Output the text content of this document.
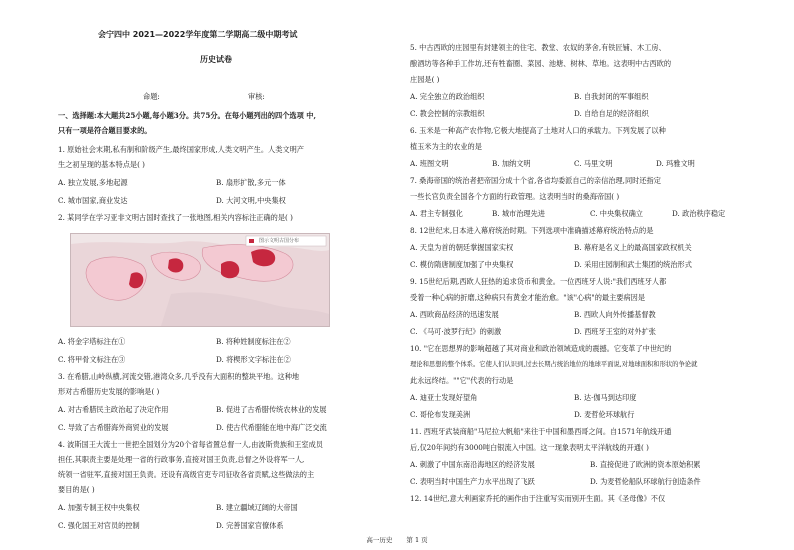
会宁四中 2021—2022学年度第二学期高二级中期考试
历史试卷
命题:	审核:
一、选择题:本大题共25小题,每小题3分。共75分。在每小题列出的四个选项 中,
只有一项是符合题目要求的。
1. 原始社会末期,私有制和阶级产生,最终国家形成,人类文明产生。人类文明产
生之初呈现的基本特点是( )
A. 独立发展,多地起源	B. 扇形扩散,多元一体
C. 城市国家,商业发达	D. 大河文明,中央集权
2. 某同学在学习亚非文明古国时查找了一张地图,相关内容标注正确的是( )
图示文明古国分布
A. 将金字塔标注在①	B. 将种姓制度标注在②
C. 将甲骨文标注在③	D. 将楔形文字标注在②
3. 在希腊,山岭纵横,河流交错,港湾众多,几乎没有大面积的整块平地。这种地
形对古希腊历史发展的影响是( )
A. 对古希腊民主政治起了决定作用	B. 促进了古希腊传统农林业的发展
C. 导致了古希腊海外商贸业的发展	D. 使古代希腊能在地中海广泛交流
4. 波斯国王大流士一世把全国划分为20个省每省置总督一人,由波斯贵族和王室成员
担任,其职责主要是处理一省的行政事务,直接对国王负责,总督之外设将军一人,
统领一省驻军,直接对国王负责。还设有高级官吏专司征收各省贡赋,这些做法的主
要目的是( )
A. 加强专制王权中央集权	B. 建立疆域辽阔的大帝国
C. 强化国王对官员的控制	D. 完善国家官僚体系
5. 中古西欧的庄园里有封建领主的住宅、教堂、农奴的茅舍,有铁匠铺、木工房、
酿酒坊等各种手工作坊,还有牲畜圈、菜园、池塘、树林、草地。这表明中古西欧的
庄园是( )
A. 完全独立的政治组织	B. 自我封闭的军事组织
C. 教会控制的宗教组织	D. 自给自足的经济组织
6. 玉米是一种高产农作物,它极大地提高了土地对人口的承载力。下列发展了以种
植玉米为主的农业的是
A. 班图文明	B. 加纳文明	C. 马里文明	D. 玛雅文明
7. 桑海帝国的统治者把帝国分成十个省,各省均委派自己的亲信治理,同时还指定
一些长官负责全国各个方面的行政管理。这表明当时的桑海帝国( )
A. 君主专制强化	B. 城市治理先进	C. 中央集权确立	D. 政治秩序稳定
8. 12世纪末,日本进入幕府统治时期。下列选项中准确描述幕府统治特点的是
A. 天皇为首的朝廷掌握国家实权	B. 幕府是名义上的最高国家政权机关
C. 模仿隋唐制度加强了中央集权	D. 采用庄园制和武士集团的统治形式
9. 15世纪后期,西欧人狂热的追求货币和黄金。一位西班牙人说:"我们西班牙人都
受着一种心病的折磨,这种病只有黄金才能治愈。"该"心病"的最主要病因是
A. 西欧商品经济的迅速发展	B. 西欧人向外传播基督教
C. 《马可·波罗行纪》的刺激	D. 西班牙王室的对外扩张
10. "它在思想界的影响超越了其对商业和政治领域造成的震撼。它变革了中世纪的
理论和思想的整个体系。它使人们认识到,过去长期占统治地位的地球平面说,对地球面积和形状的争论就
此永远终结。""它"代表的行动是
A. 迪亚士发现好望角	B. 达·伽马到达印度
C. 哥伦布发现美洲	D. 麦哲伦环球航行
11. 西班牙武装商船"马尼拉大帆船"来往于中国和墨西哥之间。自1571年航线开通
后,仅20年间约有3000吨白银流入中国。这一现象表明太平洋航线的开通( )
A. 刺激了中国东南沿海地区的经济发展	B. 直接促进了欧洲的资本原始积累
C. 表明当时中国生产力水平出现了飞跃	D. 为麦哲伦船队环球航行创造条件
12. 14世纪,意大利画家乔托的画作由于注重写实而别开生面。其《圣母像》不仅
高一历史 第 1 页
